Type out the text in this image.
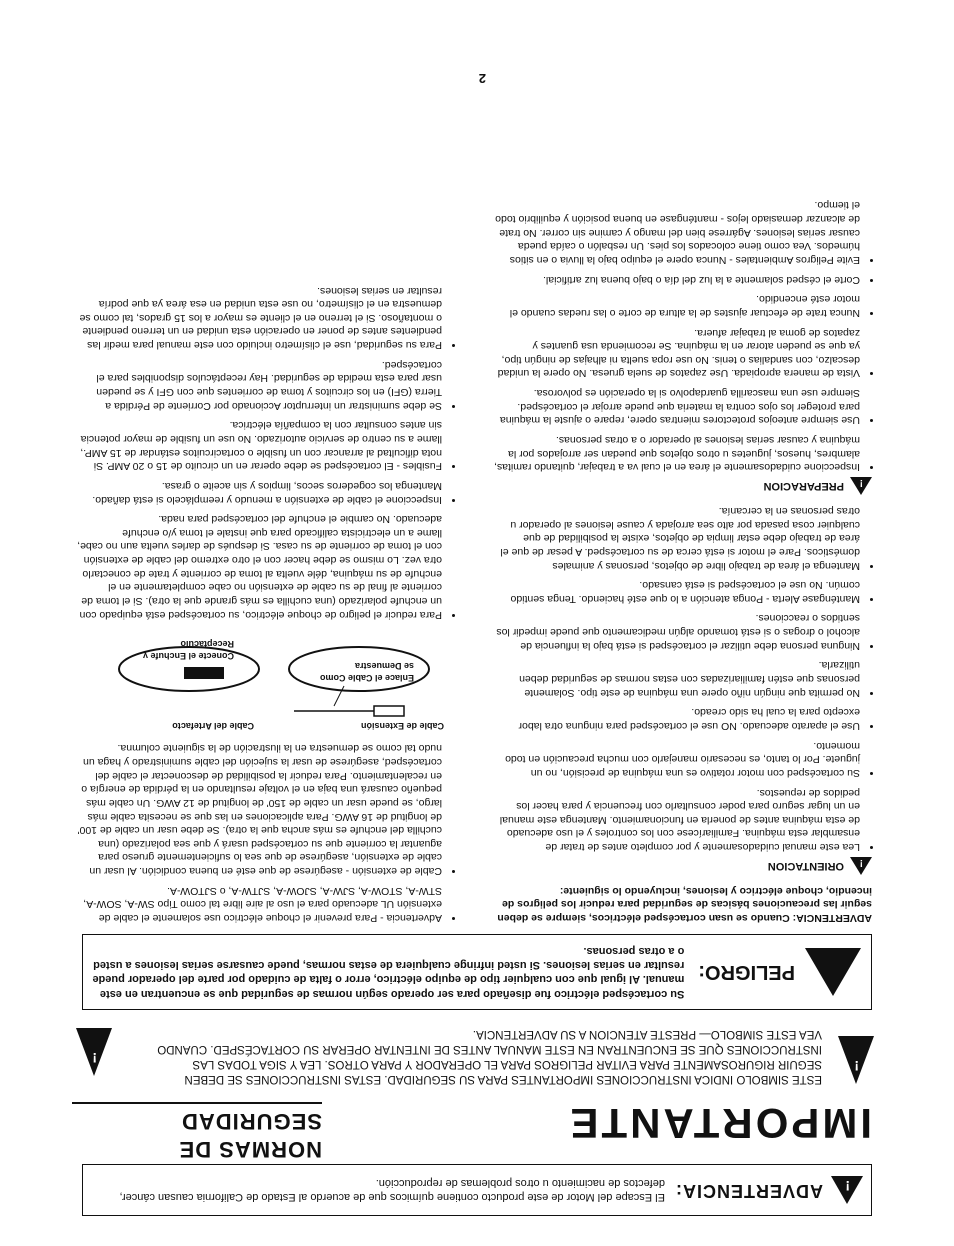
!
ADVERTENCIA:
El Escape del Motor de este producto contiene químicos que de acuerdo al Estado de California causan cáncer, defectos de nacimiento u otros problemas de reproducción.
IMPORTANTE
NORMAS DE SEGURIDAD
!

ESTE SIMBOLO INDICA INSTRUCCIONES IMPORTANTES PARA SU SEGURIDAD. ESTAS INSTRUCCIONES SE DEBEN SEGUIR RIGUROSAMENTE PARA EVITAR PELIGROS PARA EL OPERADOR Y PARA OTROS. LEA Y SIGA TODAS LAS INSTRUCCIONES QUE SE ENCUENTRAN EN ESTE MANUAL ANTES DE INTENTAR OPERAR SU CORTACÉSPED. CUANDO VEA ESTE SIMBOLO— PRESTE ATENCION A SU ADVERTENCIA.

!
PELIGRO:
Su cortacésped eléctrico fue diseñado para ser operado según normas de seguridad que se encuentran en este manual. Al igual que con cualquier tipo de equipo eléctrico, error o falta de cuidado por parte del operador puede resultar en serias lesiones. Si usted infringe cualquiera de estas normas, puede causarse serias lesiones a usted o a otras personas.

ADVERTENCIA: Cuando se usan cortacésped eléctricos, siempre se deben seguir las precauciones básicas de seguridad para reducir los peligros de incendio, choque eléctrico y lesiones, incluyendo lo siguiente:

!
ORIENTACION
• Lea este manual cuidadosamente y por completo antes de tratar de ensamblar esta máquina. Familiarícese con los controles y el uso adecuado de esta máquina antes de ponerla en funcionamiento. Mantenga este manual en un lugar seguro para poder consultarlo con frecuencia y para hacer los pedidos de repuestos.
• Su cortacésped con motor rotativo es una máquina de precisión, no un juguete. Por lo tanto, es necesario manejarlo con mucha precaución en todo momento.
• Use el aparato adecuado. NO use el cortacésped para ninguna otra labor excepto para la cual ha sido creado.
• No permita que ningún niño opere una máquina de este tipo. Solamente personas que estén familiarizadas con estas normas de seguridad deben utilizarla.
• Ninguna persona debe utilizar el cortacésped si está bajo la influencia de alcohol o drogas o si está tomando algún medicamento que puede impedir los sentidos o reacciones.
• Manténgase Alerta - Ponga atención a lo que esté haciendo. Tenga sentido común. No use el cortacésped si está cansado.
• Mantenga el área de trabajo libre de objetos, personas y animales domésticos. Pare el motor si está cerca de su cortacésped. A pesar de que el área de trabajo debe estar limpia de objetos, existe la posibilidad de que cualquier cosa pasada por alto sea arrojada y cause lesiones al operador u otras personas en la cercanía.
!
PREPARACION
• Inspeccione cuidadosamente el área en el cual va a trabajar, quitando ramitas, alambres, huesos, juguetes u otros objetos que puedan ser arrojados por la máquina y causar serias lesiones al operador o a otras personas.
• Use siempre anteojos protectores mientras opere, repare o ajuste la máquina para proteger los ojos contra la materia que puede arrojar el cortacésped. Siempre use una mascarilla guardapolvo si la operación es polvorosa.
• Vista de manera apropiada. Use zapatos de suela gruesa. No opere la unidad descalzo, con sandalias o tenis. No use ropa suelta ni alhajas de ningún tipo, ya que se pueden atorar en la máquina. Se recomienda usa guantes y zapatos de goma al trabajar afuera.
• Nunca trate de efectuar ajustes de la altura de corte o las ruedas cuando el motor esté encendido.
• Corte el césped solamente a la luz del día o bajo buena luz artificial.
• Evite Peligros Ambientales - Nunca opere el equipo bajo la lluvia o en sitios húmedos. Vea como tiene colocados los pies. Un resbalón o caída pueda causar serias lesiones. Agárrese bien del mango y camine sin correr. No trate de alcanzar demasiado lejos - manténgase en buena posición y equilibrio todo el tiempo.
• Advertencia - Para prevenir el choque eléctrico use solamente el cable de extensión UL adecuado para el uso al aire libre tal como Tipo SW-A, SOW-A, STW-A, STOW-A, SJW-A, SJOW-A, SJTW-A, o SJTOW-A.
• Cable de extensión - asegúrese de que esté en buena condición. Al usar un cable de extensión, asegúrese de que sea lo suficientemente grueso para aguantar la corriente que su cortacésped usará y que sea polarizado (una cuchilla del enchufe es más ancha que la otra). Se debe usar un cable de 100' de longitud de 16 AWG. Para aplicaciones en las que se necesita cable más largo, se puede usar un cable de 150' de longitud de 12 AWG. Un cable más pequeño causará una baja en el voltaje resultando en la pérdida de energía o en recalentamiento. Para reducir la posibilidad de desconectar el cable del cortacésped, asegúrese de usar la sujeción del cable suministrado y haga un nudo tal como se demuestra en la ilustración de la siguiente columna.
Cable de Extensión
Cable del Artefacto
Enlace el Cable Como se Demuestra
Conecte el Enchufe y Receptáculo
• Para reducir el peligro de choque eléctrico, su cortacésped está equipado con un enchufe polarizado (una cuchilla es más grande que la otra). Si el toma de corriente al final de su cable de extensión no cabe completamente en el enchufe de su máquina, déle vuelta al toma de corriente y trate de conectarlo otra vez. Lo mismo se debe hacer con el otro extremo del cable de extensión con el toma de corriente de su casa. Si después de darles vuelta aun no cabe, llame a un electricista calificado para que instale el toma y/o enchufe adecuado. No cambie el enchufe del cortacésped para nada.
• Inspeccione el cable de extensión a menudo y reemplácelo si está dañado. Mantenga los cogederos secos, limpios y sin aceite o grasa.
• Fusibles - El cortacésped se debe operar en un circuito de 15 o 20 AMP. Si nota dificultad al arrancar con un fusible o cortacircuitos estándar de 15 AMP., llame a su centro de servicio autorizado. No use un fusible de mayor potencia sin antes consultar con la compañía eléctrica.
• Se debe suministrar un interruptor Accionado por Corriente de Pérdida a Tierra (GFI) en los circuitos y toma de corrientes que con GFI y se pueden usar para esta medida de seguridad. Hay receptáculos disponibles para el cortacésped.
• Para su seguridad, use el clisímetro incluido con este manual para medir las pendientes antes de poner en operación esta unidad en un terreno pendiente o montañoso. Si el terreno en el cliente es mayor a los 15 grados, tal como se demuestra en el clisímetro, no use esta unidad en esa área ya que podría resultar en serias lesiones.
2
